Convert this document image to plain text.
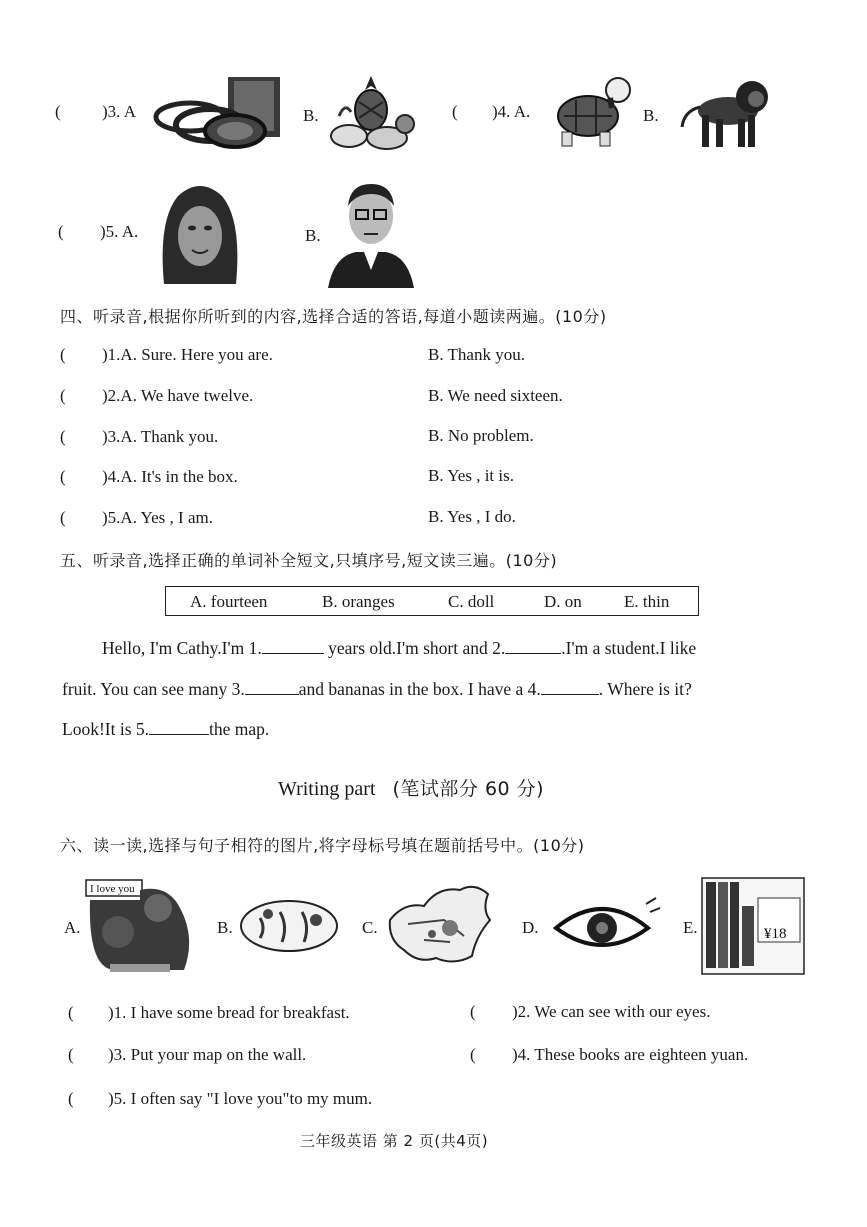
( )3. A	B.	( )4. A.	B.
( )5. A.	B.
四、听录音,根据你所听到的内容,选择合适的答语,每道小题读两遍。(10分)
( )1.A. Sure. Here you are.	B. Thank you.
( )2.A. We have twelve.	B. We need sixteen.
( )3.A. Thank you.	B. No problem.
( )4.A. It's in the box.	B. Yes , it is.
( )5.A. Yes , I am.	B. Yes , I do.
五、听录音,选择正确的单词补全短文,只填序号,短文读三遍。(10分)
A. fourteen	B. oranges	C. doll	D. on E. thin
Hello, I'm Cathy.I'm 1.	years old.I'm short and 2.	.I'm a student.I like
fruit. You can see many 3.	and bananas in the box. I have a 4.	. Where is it?
Look!It is 5.	the map.
Writing part (笔试部分 60 分)
六、读一读,选择与句子相符的图片,将字母标号填在题前括号中。(10分)
A.
I love you
B.	C.	D.	E.	¥18
( )1. I have some bread for breakfast.	( )2. We can see with our eyes.
( )3. Put your map on the wall.	( )4. These books are eighteen yuan.
( )5. I often say "I love you"to my mum.
三年级英语 第 2 页(共4页)
